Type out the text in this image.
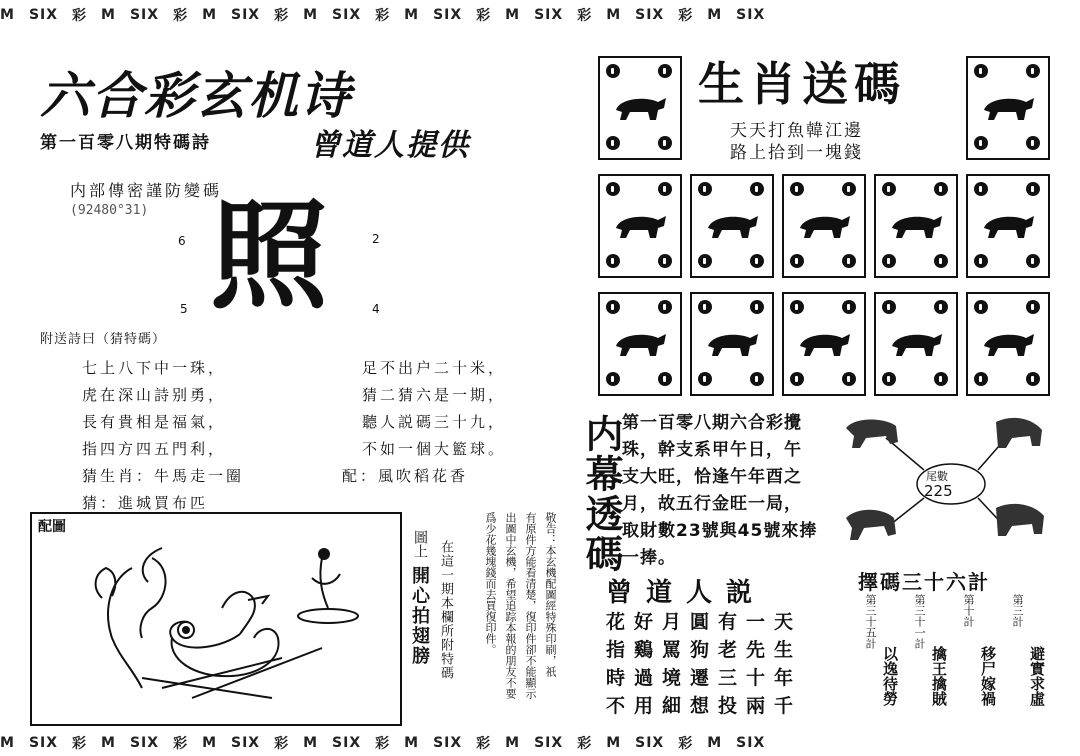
M SIX 彩 M SIX 彩 M SIX 彩 M SIX 彩 M SIX 彩 M SIX 彩 M SIX 彩 M SIX
M SIX 彩 M SIX 彩 M SIX 彩 M SIX 彩 M SIX 彩 M SIX 彩 M SIX 彩 M SIX
六合彩玄机诗
第一百零八期特碼詩	曾道人提供
内部傳密謹防變碼
(92480°31) 照
6	2
5	4
附送詩曰（猜特碼）
七上八下中一珠，
虎在深山詩别勇，
長有貴相是福氣，
指四方四五門利，
猜生肖：牛馬走一圈
猜：進城買布匹
足不出户二十米，
猜二猜六是一期，
聽人説碼三十九，
不如一個大籃球。
配：風吹稻花香
配圖
在這一期本欄所附特碼
圖上
開心拍翅膀	敬告：本玄機配圖經特殊印刷，祇
有原件方能看清楚，復印件卻不能顯示
出圖中玄機，希望追踪本報的朋友不要
爲少花幾塊錢而去買復印件。
生肖送碼
天天打魚韓江邊
路上拾到一塊錢
内幕透碼 第一百零八期六合彩攪
珠，幹支系甲午日，午
支大旺，恰逢午年酉之
月，故五行金旺一局，
取財數23號與45號來捧
一捧。
尾數
225
曾道人説
花好月圓有一天
指鷄罵狗老先生
時過境遷三十年
不用細想投兩千
擇碼三十六計
第三十五計
以逸待勞
第三十一計
擒王擒賊
第十計
移尸嫁禍
第三計
避實求虛
